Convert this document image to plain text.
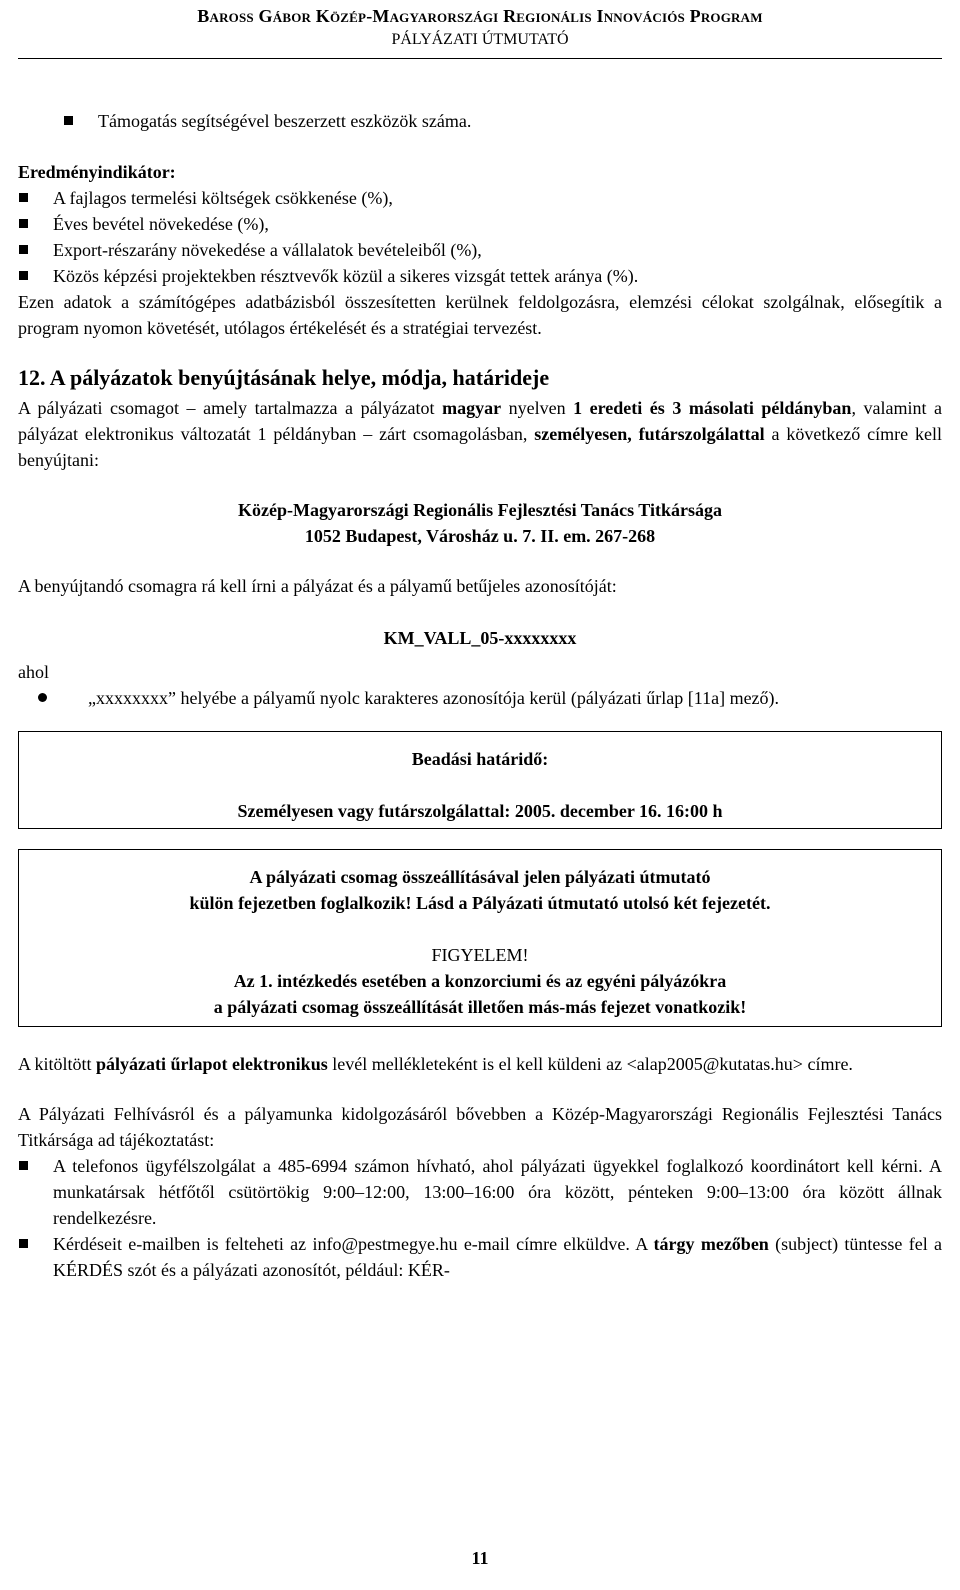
Baross Gábor Közép-Magyarországi Regionális Innovációs Program
PÁLYÁZATI ÚTMUTATÓ
Támogatás segítségével beszerzett eszközök száma.

Eredményindikátor:

A fajlagos termelési költségek csökkenése (%),
Éves bevétel növekedése (%),
Export-részarány növekedése a vállalatok bevételeiből (%),
Közös képzési projektekben résztvevők közül a sikeres vizsgát tettek aránya (%).

Ezen adatok a számítógépes adatbázisból összesítetten kerülnek feldolgozásra, elemzési célokat szolgálnak, elősegítik a program nyomon követését, utólagos értékelését és a stratégiai tervezést.

12. A pályázatok benyújtásának helye, módja, határideje

A pályázati csomagot ‒ amely tartalmazza a pályázatot magyar nyelven 1 eredeti és 3 másolati példányban, valamint a pályázat elektronikus változatát 1 példányban ‒ zárt csomagolásban, személyesen, futárszolgálattal a következő címre kell benyújtani:

Közép-Magyarországi Regionális Fejlesztési Tanács Titkársága
1052 Budapest, Városház u. 7. II. em. 267-268

A benyújtandó csomagra rá kell írni a pályázat és a pályamű betűjeles azonosítóját:

KM_VALL_05-xxxxxxxx

ahol

„xxxxxxxx” helyébe a pályamű nyolc karakteres azonosítója kerül (pályázati űrlap [11a] mező).
Beadási határidő:
Személyesen vagy futárszolgálattal: 2005. december 16. 16:00 h
A pályázati csomag összeállításával jelen pályázati útmutató
külön fejezetben foglalkozik! Lásd a Pályázati útmutató utolsó két fejezetét.
FIGYELEM!
Az 1. intézkedés esetében a konzorciumi és az egyéni pályázókra
a pályázati csomag összeállítását illetően más-más fejezet vonatkozik!

A kitöltött pályázati űrlapot elektronikus levél mellékleteként is el kell küldeni az <alap2005@kutatas.hu> címre.

A Pályázati Felhívásról és a pályamunka kidolgozásáról bővebben a Közép-Magyarországi Regionális Fejlesztési Tanács Titkársága ad tájékoztatást:

A telefonos ügyfélszolgálat a 485-6994 számon hívható, ahol pályázati ügyekkel foglalkozó koordinátort kell kérni. A munkatársak hétfőtől csütörtökig 9:00‒12:00, 13:00‒16:00 óra között, pénteken 9:00‒13:00 óra között állnak rendelkezésre.
Kérdéseit e-mailben is felteheti az info@pestmegye.hu e-mail címre elküldve. A tárgy mezőben (subject) tüntesse fel a KÉRDÉS szót és a pályázati azonosítót, például: KÉR-
11
